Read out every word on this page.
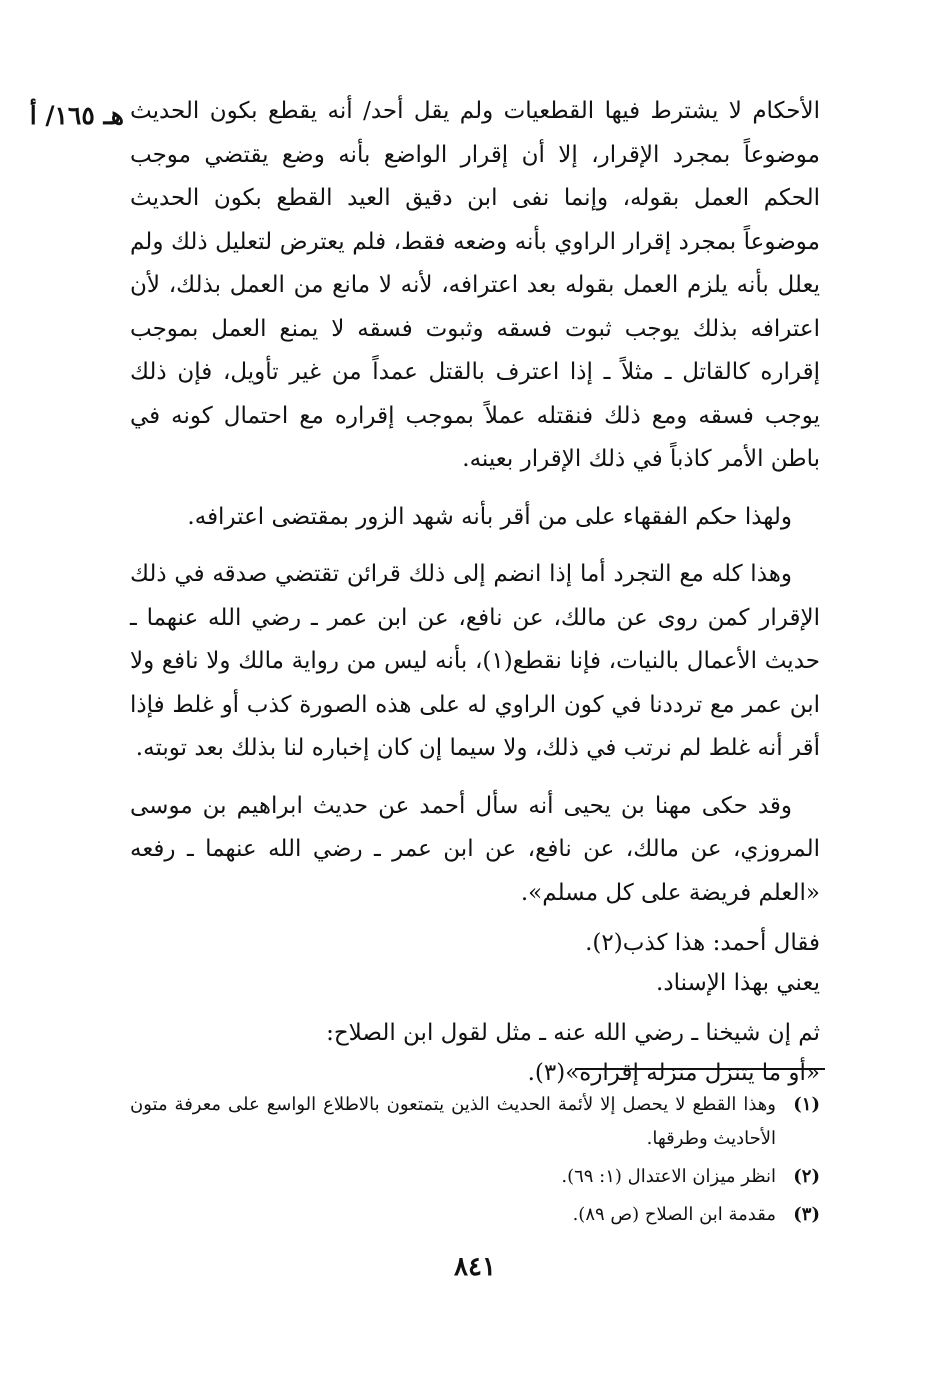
هـ ١٦٥/ أ الأحكام لا يشترط فيها القطعيات ولم يقل أحد/ أنه يقطع بكون الحديث موضوعاً بمجرد الإقرار، إلا أن إقرار الواضع بأنه وضع يقتضي موجب الحكم العمل بقوله، وإنما نفى ابن دقيق العيد القطع بكون الحديث موضوعاً بمجرد إقرار الراوي بأنه وضعه فقط، فلم يعترض لتعليل ذلك ولم يعلل بأنه يلزم العمل بقوله بعد اعترافه، لأنه لا مانع من العمل بذلك، لأن اعترافه بذلك يوجب ثبوت فسقه وثبوت فسقه لا يمنع العمل بموجب إقراره كالقاتل ـ مثلاً ـ إذا اعترف بالقتل عمداً من غير تأويل، فإن ذلك يوجب فسقه ومع ذلك فنقتله عملاً بموجب إقراره مع احتمال كونه في باطن الأمر كاذباً في ذلك الإقرار بعينه.

ولهذا حكم الفقهاء على من أقر بأنه شهد الزور بمقتضى اعترافه.

وهذا كله مع التجرد أما إذا انضم إلى ذلك قرائن تقتضي صدقه في ذلك الإقرار كمن روى عن مالك، عن نافع، عن ابن عمر ـ رضي الله عنهما ـ حديث الأعمال بالنيات، فإنا نقطع(١)، بأنه ليس من رواية مالك ولا نافع ولا ابن عمر مع ترددنا في كون الراوي له على هذه الصورة كذب أو غلط فإذا أقر أنه غلط لم نرتب في ذلك، ولا سيما إن كان إخباره لنا بذلك بعد توبته.

وقد حكى مهنا بن يحيى أنه سأل أحمد عن حديث ابراهيم بن موسى المروزي، عن مالك، عن نافع، عن ابن عمر ـ رضي الله عنهما ـ رفعه «العلم فريضة على كل مسلم».

فقال أحمد: هذا كذب(٢).
يعني بهذا الإسناد.

ثم إن شيخنا ـ رضي الله عنه ـ مثل لقول ابن الصلاح:
«أو ما يتنزل منزلة إقراره»(٣).

(١)
وهذا القطع لا يحصل إلا لأئمة الحديث الذين يتمتعون بالاطلاع الواسع على معرفة متون الأحاديث وطرقها.
(٢)
انظر ميزان الاعتدال (١: ٦٩).
(٣)
مقدمة ابن الصلاح (ص ٨٩).
٨٤١
